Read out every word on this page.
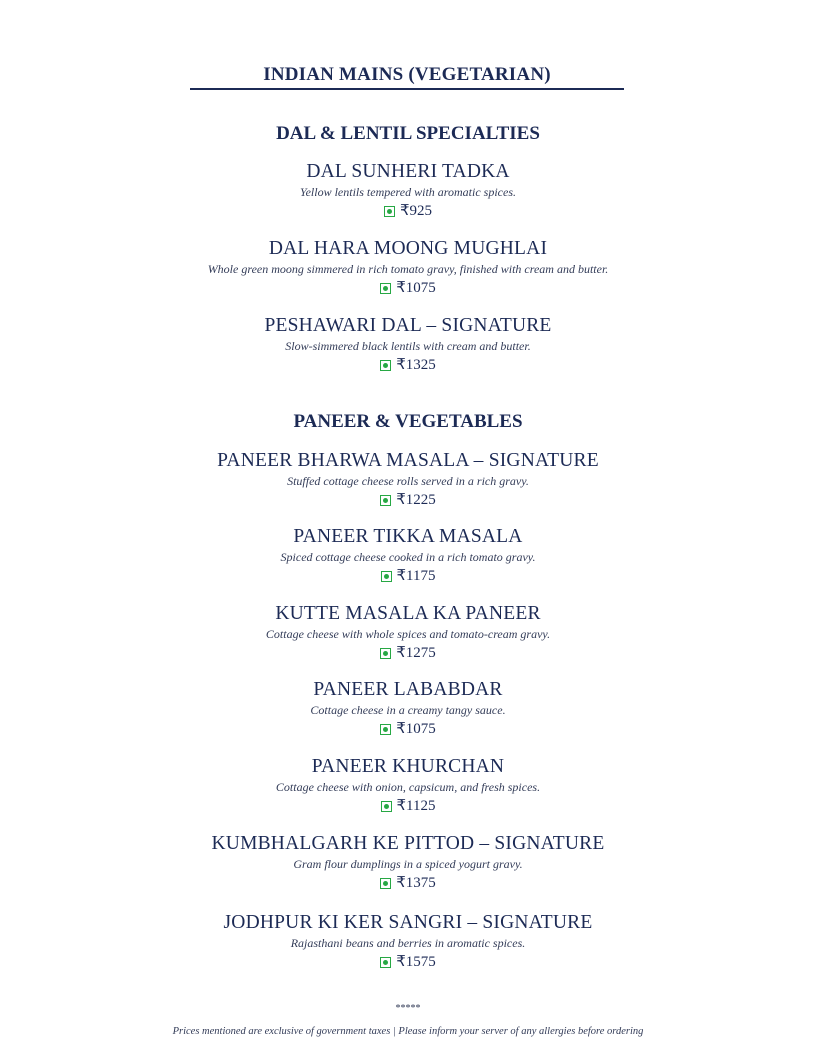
INDIAN MAINS (VEGETARIAN)
DAL & LENTIL SPECIALTIES
DAL SUNHERI TADKA
Yellow lentils tempered with aromatic spices.
₹925
DAL HARA MOONG MUGHLAI
Whole green moong simmered in rich tomato gravy, finished with cream and butter.
₹1075
PESHAWARI DAL – SIGNATURE
Slow-simmered black lentils with cream and butter.
₹1325
PANEER & VEGETABLES
PANEER BHARWA MASALA – SIGNATURE
Stuffed cottage cheese rolls served in a rich gravy.
₹1225
PANEER TIKKA MASALA
Spiced cottage cheese cooked in a rich tomato gravy.
₹1175
KUTTE MASALA KA PANEER
Cottage cheese with whole spices and tomato-cream gravy.
₹1275
PANEER LABABDAR
Cottage cheese in a creamy tangy sauce.
₹1075
PANEER KHURCHAN
Cottage cheese with onion, capsicum, and fresh spices.
₹1125
KUMBHALGARH KE PITTOD – SIGNATURE
Gram flour dumplings in a spiced yogurt gravy.
₹1375
JODHPUR KI KER SANGRI – SIGNATURE
Rajasthani beans and berries in aromatic spices.
₹1575
*****
Prices mentioned are exclusive of government taxes | Please inform your server of any allergies before ordering
